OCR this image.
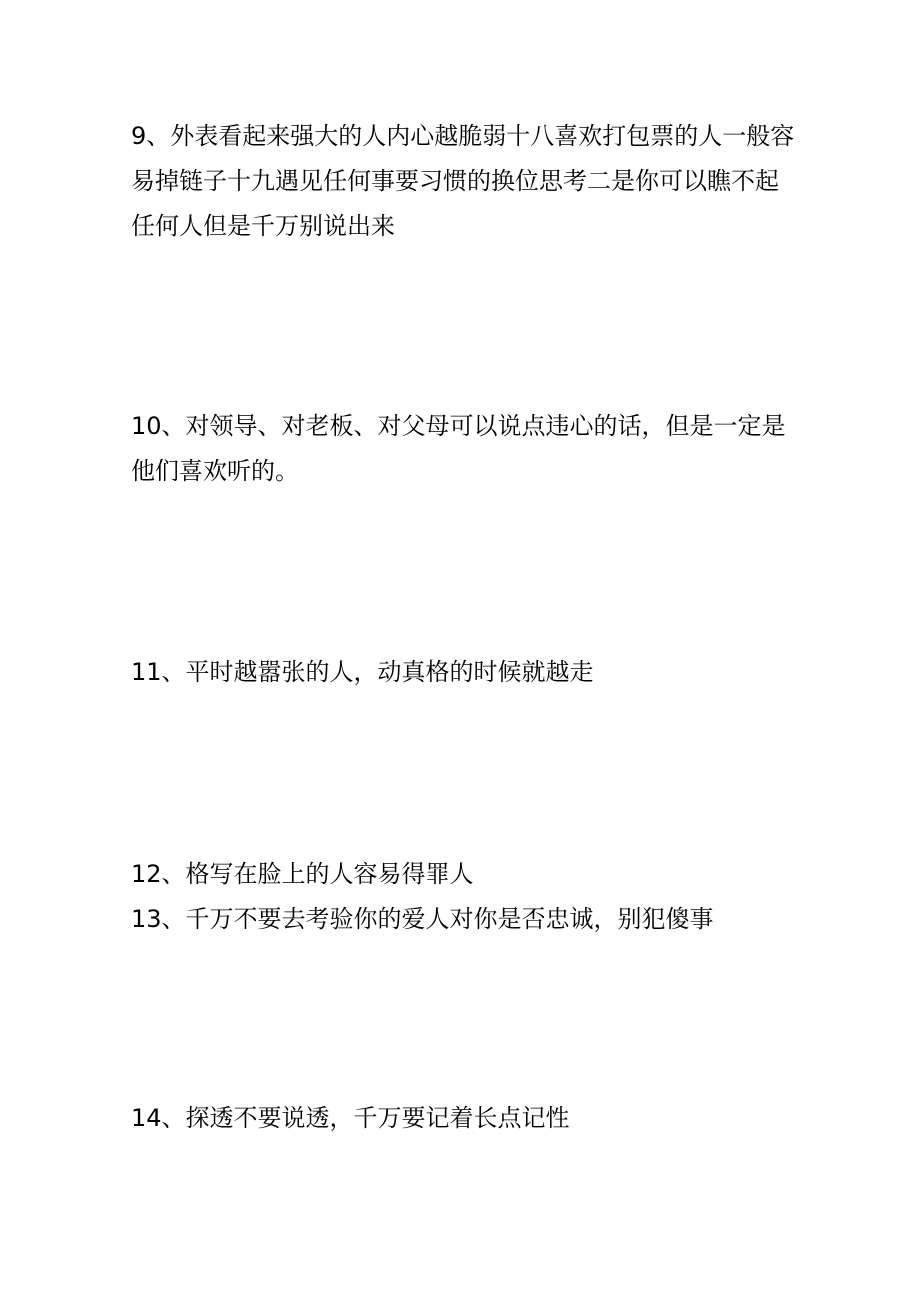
9、外表看起来强大的人内心越脆弱十八喜欢打包票的人一般容易掉链子十九遇见任何事要习惯的换位思考二是你可以瞧不起任何人但是千万别说出来

10、对领导、对老板、对父母可以说点违心的话，但是一定是他们喜欢听的。

11、平时越嚣张的人，动真格的时候就越走

12、格写在脸上的人容易得罪人

13、千万不要去考验你的爱人对你是否忠诚，别犯傻事

14、探透不要说透，千万要记着长点记性
